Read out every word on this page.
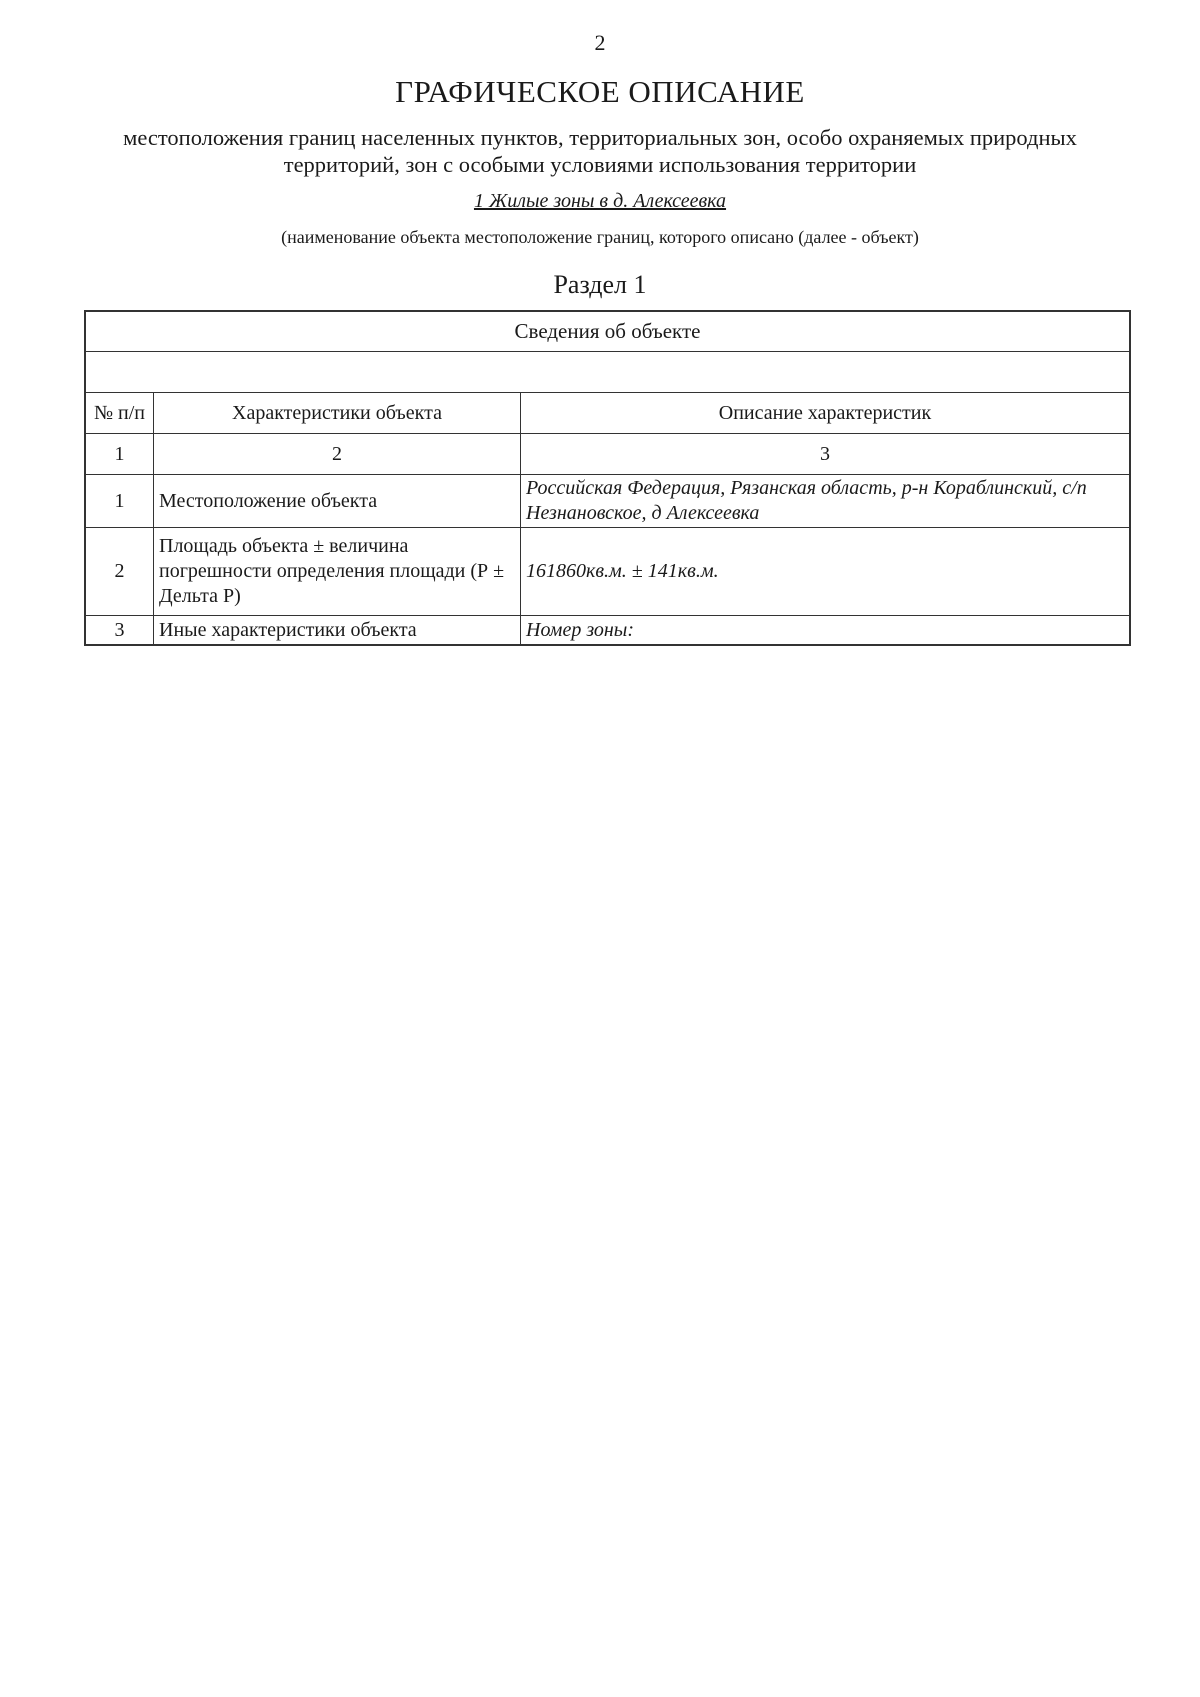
2
ГРАФИЧЕСКОЕ ОПИСАНИЕ
местоположения границ населенных пунктов, территориальных зон, особо охраняемых природных территорий, зон с особыми условиями использования территории
1 Жилые зоны в д. Алексеевка
(наименование объекта местоположение границ, которого описано (далее - объект)
Раздел 1
Сведения об объекте		

№ п/п	Характеристики объекта	Описание характеристик
1	2	3
1	Местоположение объекта	Российская Федерация, Рязанская область, р-н Кораблинский, с/п Незнановское, д Алексеевка
2	Площадь объекта ± величина погрешности определения площади (Р ± Дельта Р)	161860кв.м. ± 141кв.м.
3	Иные характеристики объекта	Номер зоны:
